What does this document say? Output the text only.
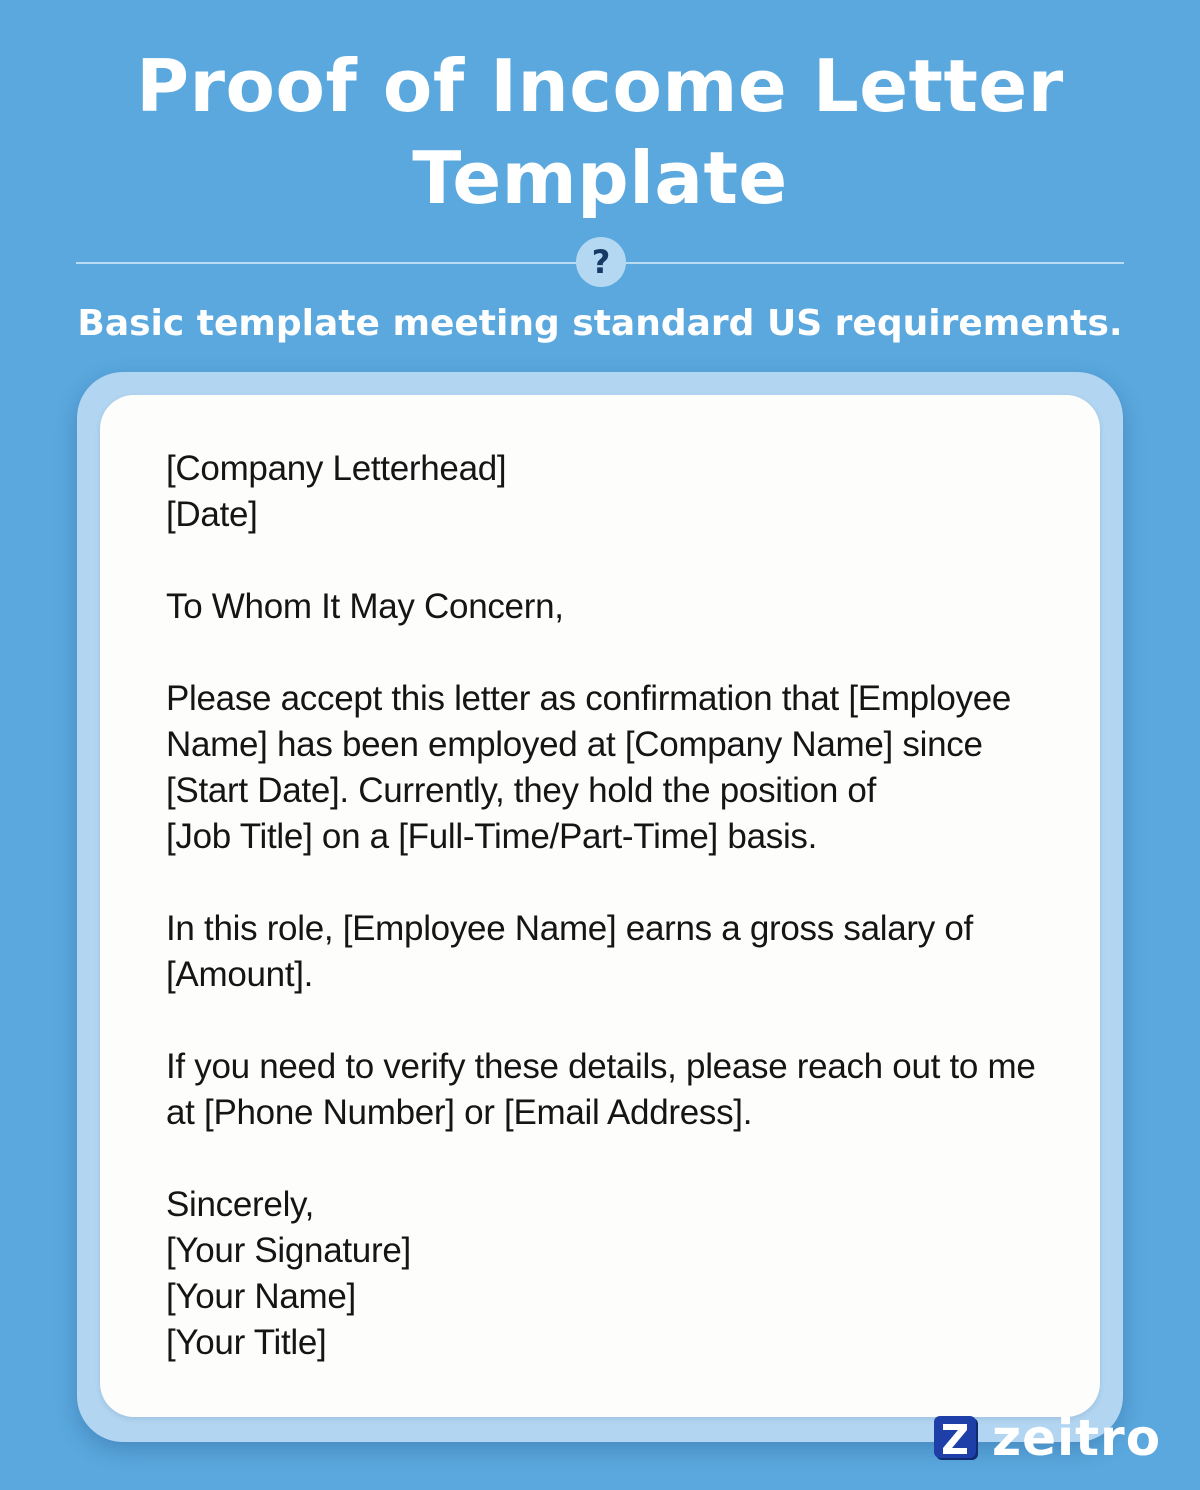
Proof of Income Letter
Template
?

Basic template meeting standard US requirements.

[Company Letterhead]
[Date]
To Whom It May Concern,
Please accept this letter as confirmation that [Employee
Name] has been employed at [Company Name] since
[Start Date]. Currently, they hold the position of
[Job Title] on a [Full-Time/Part-Time] basis.
In this role, [Employee Name] earns a gross salary of
[Amount].
If you need to verify these details, please reach out to me
at [Phone Number] or [Email Address].
Sincerely,
[Your Signature]
[Your Name]
[Your Title]
zeitro
